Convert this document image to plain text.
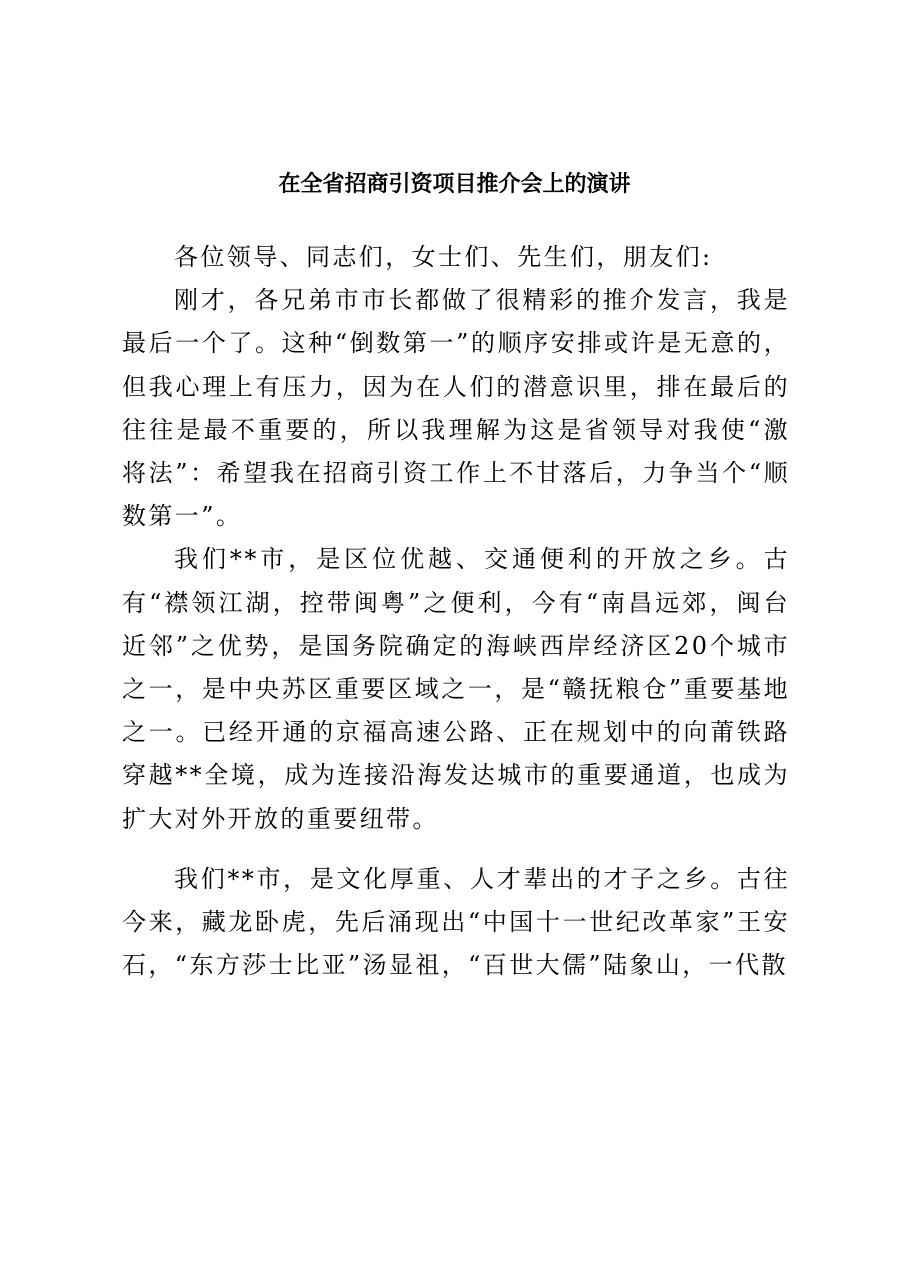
在全省招商引资项目推介会上的演讲

各位领导、同志们，女士们、先生们，朋友们:

刚才，各兄弟市市长都做了很精彩的推介发言，我是最后一个了。这种“倒数第一”的顺序安排或许是无意的，但我心理上有压力，因为在人们的潜意识里，排在最后的往往是最不重要的，所以我理解为这是省领导对我使“激将法”：希望我在招商引资工作上不甘落后，力争当个“顺数第一”。

我们**市，是区位优越、交通便利的开放之乡。古有“襟领江湖，控带闽粤”之便利，今有“南昌远郊，闽台近邻”之优势，是国务院确定的海峡西岸经济区20个城市之一，是中央苏区重要区域之一，是“赣抚粮仓”重要基地之一。已经开通的京福高速公路、正在规划中的向莆铁路穿越**全境，成为连接沿海发达城市的重要通道，也成为扩大对外开放的重要纽带。

我们**市，是文化厚重、人才辈出的才子之乡。古往今来，藏龙卧虎，先后涌现出“中国十一世纪改革家”王安石，“东方莎士比亚”汤显祖，“百世大儒”陆象山，一代散
